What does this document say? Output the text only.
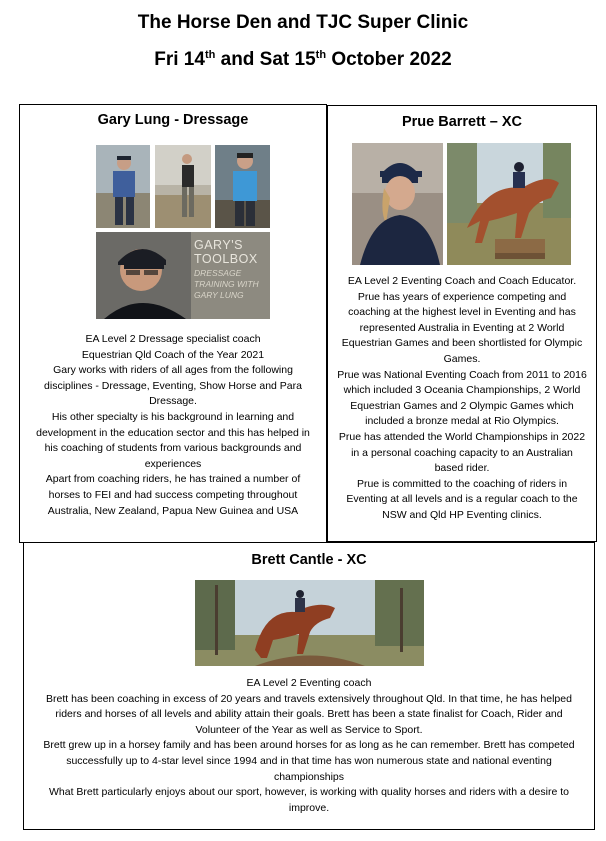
The Horse Den and TJC Super Clinic
Fri 14th and Sat 15th October 2022
Gary Lung - Dressage
GARY'S TOOLBOX
DRESSAGE TRAINING WITH GARY LUNG

EA Level 2 Dressage specialist coach

Equestrian Qld Coach of the Year 2021

Gary works with riders of all ages from the following disciplines - Dressage, Eventing, Show Horse and Para Dressage.

His other specialty is his background in learning and development in the education sector and this has helped in his coaching of students from various backgrounds and experiences

Apart from coaching riders, he has trained a number of horses to FEI and had success competing throughout Australia, New Zealand, Papua New Guinea and USA

Prue Barrett – XC

EA Level 2 Eventing Coach and Coach Educator.

Prue has years of experience competing and coaching at the highest level in Eventing and has represented Australia in Eventing at 2 World Equestrian Games and been shortlisted for Olympic Games.

Prue was National Eventing Coach from 2011 to 2016 which included 3 Oceania Championships, 2 World Equestrian Games and 2 Olympic Games which included a bronze medal at Rio Olympics.

Prue has attended the World Championships in 2022 in a personal coaching capacity to an Australian based rider.

Prue is committed to the coaching of riders in Eventing at all levels and is a regular coach to the NSW and Qld HP Eventing clinics.

Brett Cantle - XC

EA Level 2 Eventing coach

Brett has been coaching in excess of 20 years and travels extensively throughout Qld. In that time, he has helped riders and horses of all levels and ability attain their goals. Brett has been a state finalist for Coach, Rider and Volunteer of the Year as well as Service to Sport.

Brett grew up in a horsey family and has been around horses for as long as he can remember. Brett has competed successfully up to 4-star level since 1994 and in that time has won numerous state and national eventing championships

What Brett particularly enjoys about our sport, however, is working with quality horses and riders with a desire to improve.
